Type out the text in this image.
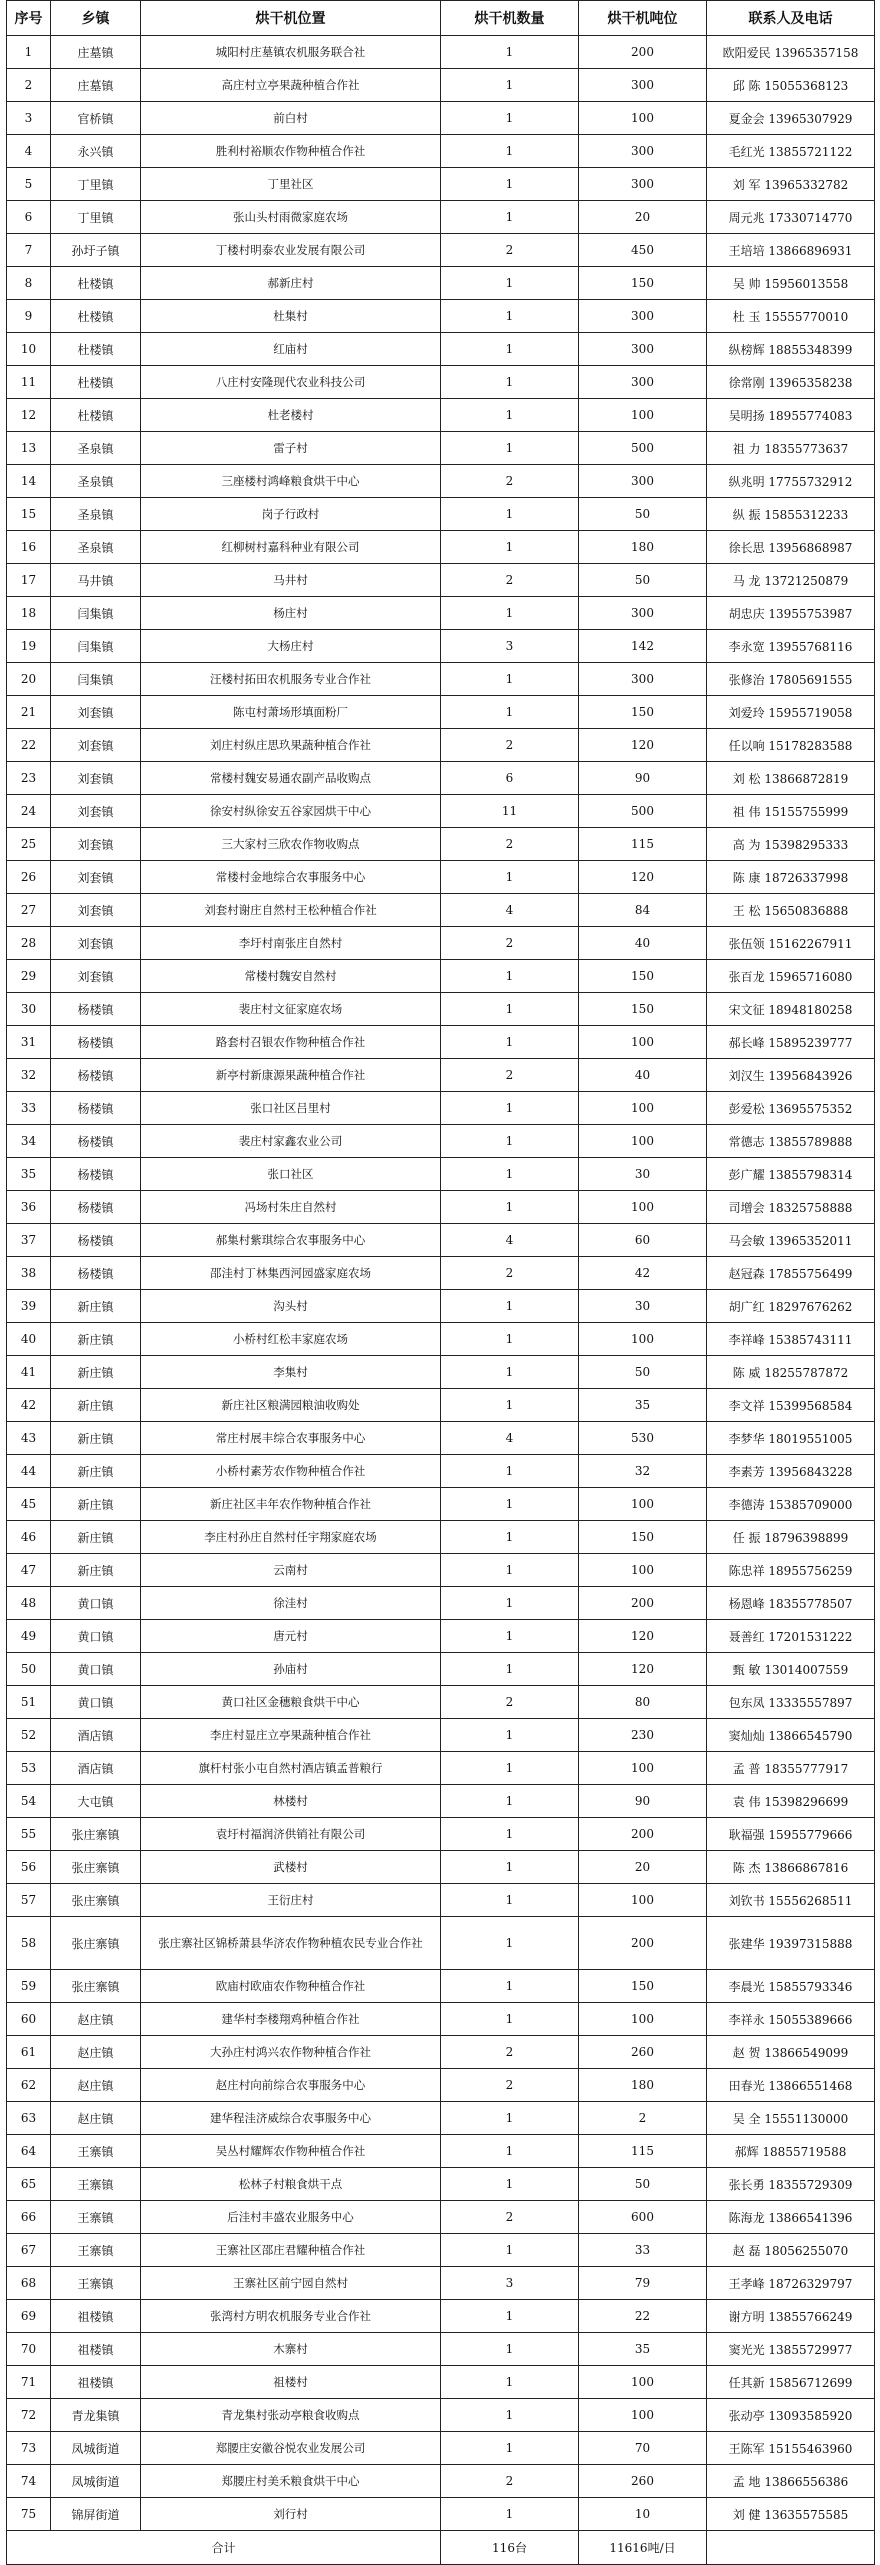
序号	乡镇	烘干机位置	烘干机数量	烘干机吨位	联系人及电话
1	庄墓镇	城阳村庄墓镇农机服务联合社	1	200	欧阳爱民 13965357158
2	庄墓镇	高庄村立亭果蔬种植合作社	1	300	邱 陈 15055368123
3	官桥镇	前白村	1	100	夏金会 13965307929
4	永兴镇	胜利村裕顺农作物种植合作社	1	300	毛红光 13855721122
5	丁里镇	丁里社区	1	300	刘 军 13965332782
6	丁里镇	张山头村雨微家庭农场	1	20	周元兆 17330714770
7	孙圩子镇	丁楼村明泰农业发展有限公司	2	450	王培培 13866896931
8	杜楼镇	郝新庄村	1	150	吴 帅 15956013558
9	杜楼镇	杜集村	1	300	杜 玉 15555770010
10	杜楼镇	红庙村	1	300	纵榜辉 18855348399
11	杜楼镇	八庄村安隆现代农业科技公司	1	300	徐常刚 13965358238
12	杜楼镇	杜老楼村	1	100	吴明扬 18955774083
13	圣泉镇	雷子村	1	500	祖 力 18355773637
14	圣泉镇	三座楼村鸿峰粮食烘干中心	2	300	纵兆明 17755732912
15	圣泉镇	岗子行政村	1	50	纵 振 15855312233
16	圣泉镇	红柳树村嘉科种业有限公司	1	180	徐长思 13956868987
17	马井镇	马井村	2	50	马 龙 13721250879
18	闫集镇	杨庄村	1	300	胡忠庆 13955753987
19	闫集镇	大杨庄村	3	142	李永宽 13955768116
20	闫集镇	汪楼村拓田农机服务专业合作社	1	300	张修治 17805691555
21	刘套镇	陈屯村萧场形填面粉厂	1	150	刘爱玲 15955719058
22	刘套镇	刘庄村纵庄思玖果蔬种植合作社	2	120	任以响 15178283588
23	刘套镇	常楼村魏安易通农副产品收购点	6	90	刘 松 13866872819
24	刘套镇	徐安村纵徐安五谷家园烘干中心	11	500	祖 伟 15155755999
25	刘套镇	三大家村三欣农作物收购点	2	115	高 为 15398295333
26	刘套镇	常楼村金地综合农事服务中心	1	120	陈 康 18726337998
27	刘套镇	刘套村谢庄自然村王松种植合作社	4	84	王 松 15650836888
28	刘套镇	李圩村南张庄自然村	2	40	张伍领 15162267911
29	刘套镇	常楼村魏安自然村	1	150	张百龙 15965716080
30	杨楼镇	裴庄村文征家庭农场	1	150	宋文征 18948180258
31	杨楼镇	路套村召银农作物种植合作社	1	100	郝长峰 15895239777
32	杨楼镇	新亭村新康源果蔬种植合作社	2	40	刘汉生 13956843926
33	杨楼镇	张口社区吕里村	1	100	彭爱松 13695575352
34	杨楼镇	裴庄村家鑫农业公司	1	100	常德志 13855789888
35	杨楼镇	张口社区	1	30	彭广耀 13855798314
36	杨楼镇	冯场村朱庄自然村	1	100	司增会 18325758888
37	杨楼镇	郝集村紫琪综合农事服务中心	4	60	马会敏 13965352011
38	杨楼镇	邵洼村丁林集西河园盛家庭农场	2	42	赵冠森 17855756499
39	新庄镇	沟头村	1	30	胡广红 18297676262
40	新庄镇	小桥村红松丰家庭农场	1	100	李祥峰 15385743111
41	新庄镇	李集村	1	50	陈 威 18255787872
42	新庄镇	新庄社区粮满园粮油收购处	1	35	李文祥 15399568584
43	新庄镇	常庄村展丰综合农事服务中心	4	530	李梦华 18019551005
44	新庄镇	小桥村素芳农作物种植合作社	1	32	李素芳 13956843228
45	新庄镇	新庄社区丰年农作物种植合作社	1	100	李德涛 15385709000
46	新庄镇	李庄村孙庄自然村任宇翔家庭农场	1	150	任 振 18796398899
47	新庄镇	云南村	1	100	陈忠祥 18955756259
48	黄口镇	徐洼村	1	200	杨恩峰 18355778507
49	黄口镇	唐元村	1	120	聂善红 17201531222
50	黄口镇	孙庙村	1	120	甄 敏 13014007559
51	黄口镇	黄口社区金穗粮食烘干中心	2	80	包东凤 13335557897
52	酒店镇	李庄村显庄立亭果蔬种植合作社	1	230	窦灿灿 13866545790
53	酒店镇	旗杆村张小屯自然村酒店镇孟普粮行	1	100	孟 普 18355777917
54	大屯镇	林楼村	1	90	袁 伟 15398296699
55	张庄寨镇	袁圩村福润济供销社有限公司	1	200	耿福强 15955779666
56	张庄寨镇	武楼村	1	20	陈 杰 13866867816
57	张庄寨镇	王衍庄村	1	100	刘钦书 15556268511
58	张庄寨镇	张庄寨社区锦桥萧县华济农作物种植农民专业合作社	1	200	张建华 19397315888
59	张庄寨镇	欧庙村欧庙农作物种植合作社	1	150	李晨光 15855793346
60	赵庄镇	建华村李楼翔鸡种植合作社	1	100	李祥永 15055389666
61	赵庄镇	大孙庄村鸿兴农作物种植合作社	2	260	赵 贺 13866549099
62	赵庄镇	赵庄村向前综合农事服务中心	2	180	田春光 13866551468
63	赵庄镇	建华程洼济威综合农事服务中心	1	2	吴 全 15551130000
64	王寨镇	吴丛村耀辉农作物种植合作社	1	115	郝辉 18855719588
65	王寨镇	松林子村粮食烘干点	1	50	张长勇 18355729309
66	王寨镇	后洼村丰盛农业服务中心	2	600	陈海龙 13866541396
67	王寨镇	王寨社区邵庄君耀种植合作社	1	33	赵 磊 18056255070
68	王寨镇	王寨社区前宁园自然村	3	79	王孝峰 18726329797
69	祖楼镇	张湾村方明农机服务专业合作社	1	22	谢方明 13855766249
70	祖楼镇	木寨村	1	35	窦光光 13855729977
71	祖楼镇	祖楼村	1	100	任其新 15856712699
72	青龙集镇	青龙集村张动亭粮食收购点	1	100	张动亭 13093585920
73	凤城街道	郑腰庄安徽谷悦农业发展公司	1	70	王陈军 15155463960
74	凤城街道	郑腰庄村美禾粮食烘干中心	2	260	孟 地 13866556386
75	锦屏街道	刘行村	1	10	刘 健 13635575585
合计			116台	11616吨/日	
